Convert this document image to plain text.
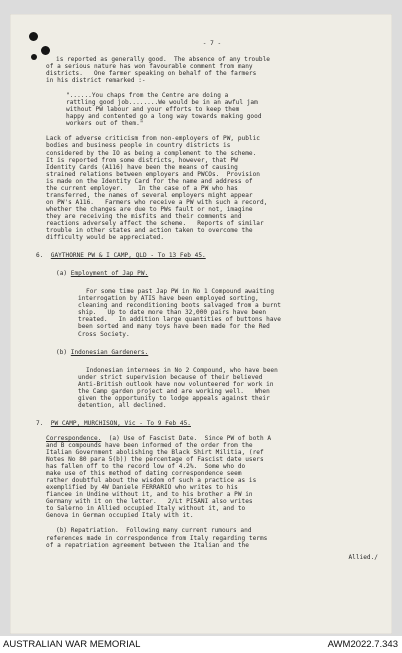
- 7 -
is reported as generally good.  The absence of any trouble
of a serious nature has won favourable comment from many
districts.   One farmer speaking on behalf of the farmers
in his district remarked :-
"......You chaps from the Centre are doing a
rattling good job........We would be in an awful jam
without PW labour and your efforts to keep them
happy and contented go a long way towards making good
workers out of them."
Lack of adverse criticism from non-employers of PW, public
bodies and business people in country districts is
considered by the IO as being a complement to the scheme.
It is reported from some districts, however, that PW
Identity Cards (A116) have been the means of causing
strained relations between employers and PWCOs.  Provision
is made on the Identity Card for the name and address of
the current employer.    In the case of a PW who has
transferred, the names of several employers might appear
on PW's A116.   Farmers who receive a PW with such a record,
whether the changes are due to PWs fault or not, imagine
they are receiving the misfits and their comments and
reactions adversely affect the scheme.   Reports of similar
trouble in other states and action taken to overcome the
difficulty would be appreciated.
6. GAYTHORNE PW & I CAMP, QLD - To 13 Feb 45.
(a) Employment of Jap PW.
For some time past Jap PW in No 1 Compound awaiting
interrogation by ATIS have been employed sorting,
cleaning and reconditioning boots salvaged from a burnt
ship.   Up to date more than 32,000 pairs have been
treated.   In addition large quantities of buttons have
been sorted and many toys have been made for the Red
Cross Society.
(b) Indonesian Gardeners.
Indonesian internees in No 2 Compound, who have been
under strict supervision because of their believed
Anti-British outlook have now volunteered for work in
the Camp garden project and are working well.   When
given the opportunity to lodge appeals against their
detention, all declined.
7. PW CAMP, MURCHISON, Vic - To 9 Feb 45.
Correspondence.  (a) Use of Fascist Date.  Since PW of both A
and B compounds have been informed of the order from the
Italian Government abolishing the Black Shirt Militia, (ref
Notes No 80 para 5(b)) the percentage of Fascist date users
has fallen off to the record low of 4.2%.  Some who do
make use of this method of dating correspondence seem
rather doubtful about the wisdom of such a practice as is
exemplified by 4W Daniele FERRARIO who writes to his
fiancee in Undine without it, and to his brother a PW in
Germany with it on the letter.   2/Lt PISANI also writes
to Salerno in Allied occupied Italy without it, and to
Genova in German occupied Italy with it.
(b) Repatriation.  Following many current rumours and
references made in correspondence from Italy regarding terms
of a repatriation agreement between the Italian and the
Allied./
AUSTRALIAN WAR MEMORIAL	AWM2022.7.343
